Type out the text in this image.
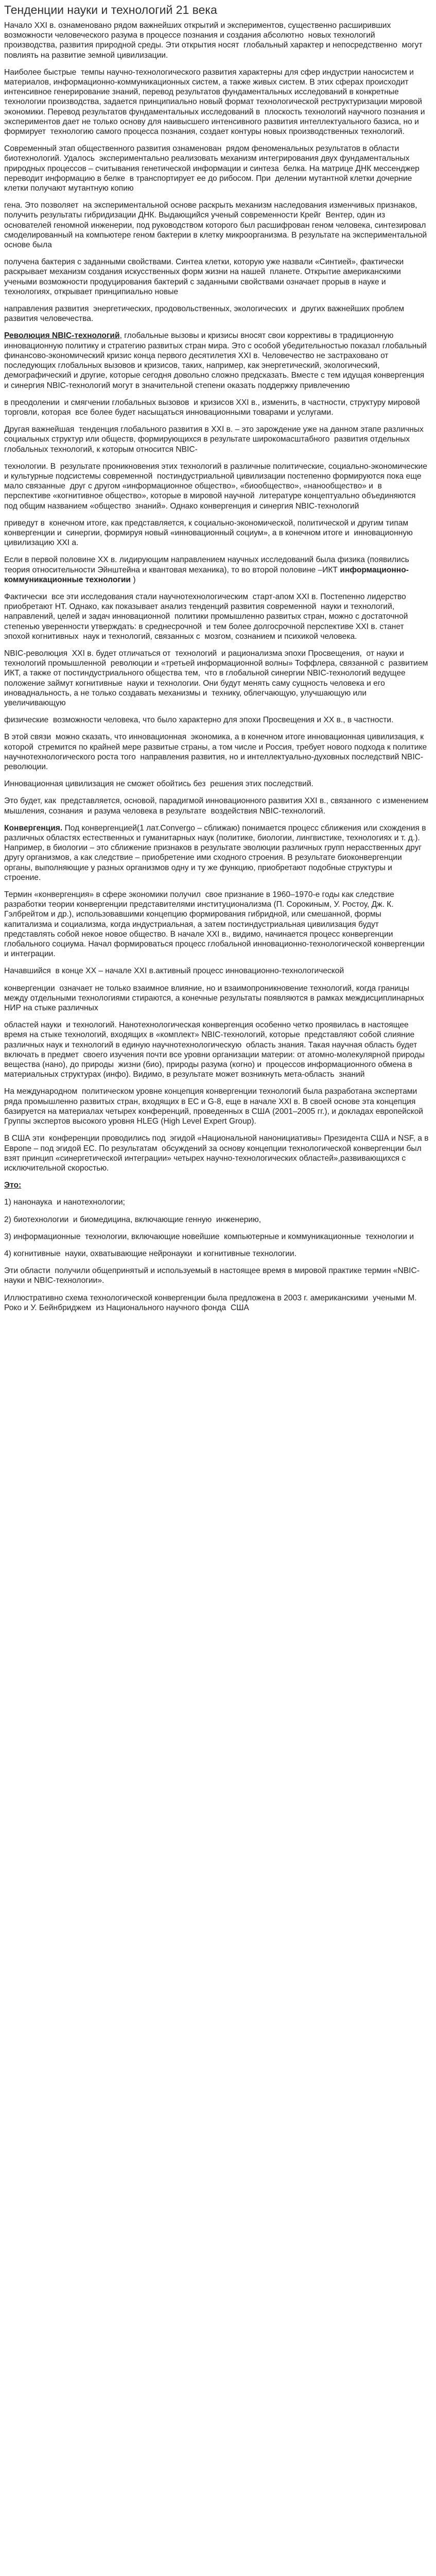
Тенденции науки и технологий 21 века
Начало XXI в. ознаменовано рядом важнейших открытий и экспериментов, существенно расширивших  возможности человеческого разума в процессе познания и создания абсолютно  новых технологий производства, развития природной среды. Эти открытия носят  глобальный характер и непосредственно  могут повлиять на развитие земной цивилизации.
Наиболее быстрые  темпы научно-технологического развития характерны для сфер индустрии наносистем и материалов, информационно-коммуникационных систем, а также живых систем. В этих сферах происходит интенсивное генерирование знаний, перевод результатов фундаментальных исследований в конкретные технологии производства, задается принципиально новый формат технологической реструктуризации мировой экономики. Перевод результатов фундаментальных исследований в  плоскость технологий научного познания и экспериментов дает не только основу для наивысшего интенсивного развития интеллектуального базиса, но и формирует  технологию самого процесса познания, создает контуры новых производственных технологий.
Современный этап общественного развития ознаменован  рядом феноменальных результатов в области биотехнологий. Удалось  экспериментально реализовать механизм интегрирования двух фундаментальных природных процессов – считывания генетической информации и синтеза  белка. На матрице ДНК мессенджер переводит информацию в белке  в транспортирует ее до рибосом. При  делении мутантной клетки дочерние клетки получают мутантную копию
гена. Это позволяет  на экспериментальной основе раскрыть механизм наследования изменчивых признаков, получить результаты гибридизации ДНК. Выдающийся ученый современности Крейг  Вентер, один из основателей геномной инженерии, под руководством которого был расшифрован геном человека, синтезировал смоделированный на компьютере геном бактерии в клетку микроорганизма. В результате на экспериментальной  основе была
получена бактерия с заданными свойствами. Синтеа клетки, которую уже назвали «Синтией», фактически раскрывает механизм создания искусственных форм жизни на нашей  планете. Открытие американскими учеными возможности продуцирования бактерий с заданными свойствами означает прорыв в науке и технологиях, открывает принципиально новые
направления развития  энергетических, продовольственных, экологических  и  других важнейших проблем развития человечества.
Революция NBIC-технологий, глобальные вызовы и кризисы вносят свои коррективы в традиционную инновационную политику и стратегию развитых стран мира. Это с особой убедительностью показал глобальный финансово-экономический кризис конца первого десятилетия XXI в. Человечество не застраховано от последующих глобальных вызовов и кризисов, таких, например, как энергетический, экологический, демографический и другие, которые сегодня довольно сложно предсказать. Вместе с тем идущая конвергенция и синергия NBIC-технологий могут в значительной степени оказать поддержку привлечению
в преодолении  и смягчении глобальных вызовов  и кризисов XXI в., изменить, в частности, структуру мировой торговли, которая  все более будет насыщаться инновационными товарами и услугами.
Другая важнейшая  тенденция глобального развития в XXI в. – это зарождение уже на данном этапе различных социальных структур или обществ, формирующихся в результате широкомасштабного  развития отдельных глобальных технологий, к которым относится NBIC-
технологии. В  результате проникновения этих технологий в различные политические, социально-экономические и культурные подсистемы современной  постиндустриальной цивилизации постепенно формируются пока еще мало связанные  друг с другом «информационное общество», «биообщество», «нанообщество» и  в  перспективе «когнитивное общество», которые в мировой научной  литературе концептуально объединяются под общим названием «общество  знаний». Однако конвергенция и синергия NBIC-технологий
приведут в  конечном итоге, как представляется, к социально-экономической, политической и другим типам конвергенции и  синергии, формируя новый «инновационный социум», а в конечном итоге и  инновационную цивилизацию XXI а.
Если в первой половине XX в. лидирующим направлением научных исследований была физика (появились  теория относительности Эйнштейна и квантовая механика), то во второй половине –ИКТ информационно-коммуникационные технологии )
Фактически  все эти исследования стали научнотехнологическим  старт-апом XXI в. Постепенно лидерство  приобретают НТ. Однако, как показывает анализ тенденций развития современной  науки и технологий, направлений, целей и задач инновационной  политики промышленно развитых стран, можно с достаточной степенью уверенности утверждать: в среднесрочной  и тем более долгосрочной перспективе XXI в. станет эпохой когнитивных  наук и технологий, связанных с  мозгом, сознанием и психикой человека.
NBIC-революция  XXI в. будет отличаться от  технологий  и рационализма эпохи Просвещения,  от науки и технологий промышленной  революции и «третьей информационной волны» Тоффлера, связанной с  развитием ИКТ, а также от постиндустриального общества тем,  что в глобальной синергии NBIC-технологий ведущее положение займут когнитивные  науки и технологии. Они будут менять саму сущность человека и его иноваднальность, а не только создавать механизмы и  технику, облегчающую, улучшающую или увеличивающую
физические  возможности человека, что было характерно для эпохи Просвещения и XX в., в частности.
В этой связи  можно сказать, что инновационная  экономика, а в конечном итоге инновационная цивилизация, к которой  стремится по крайней мере развитые страны, а том числе и Россия, требует нового подхода к политике научнотехнологического роста того  направления развития, но и интеллектуально-духовных последствий NBIC-революции.
Инновационная цивилизация не сможет обойтись без  решения этих последствий.
Это будет, как  представляется, основой, парадигмой инновационного развития XXI в., связанного  с изменением мышления, сознания  и разума человека в результате  воздействия NBIC-технологий.
Конвергенция. Под конвергенцией(1 лат.Convergo – сближаю) понимается процесс сближения или схождения в различных областях естественных и гуманитарных наук (политике, биологии, лингвистике, технологиях и т. д.). Например, в биологии – это сближение признаков в результате эволюции различных групп нерасственных друг другу организмов, а как следствие – приобретение ими сходного строения. В результате биоконвергенции органы, выполняющие у разных организмов одну и ту же функцию, приобретают подобные структуры и строение.
Термин «конвергенция» в сфере экономики получил  свое признание в 1960–1970-е годы как следствие разработки теории конвергенции представителями институционализма (П. Сорокиным, У. Ростоу, Дж. К. Гэлбрейтом и др.), использовавшими концепцию формирования гибридной, или смешанной, формы капитализма и социализма, когда индустриальная, а затем постиндустриальная цивилизация будут представлять собой некое новое общество. В начале XXI в., видимо, начинается процесс конвергенции глобального социума. Начал формироваться процесс глобальной инновационно-технологической конвергенции и интеграции.
Начавшийся  в конце XX – начале XXI в.активный процесс инновационно-технологической
конвергенции  означает не только взаимное влияние, но и взаимопроникновение технологий, когда границы между отдельными технологиями стираются, а конечные результаты появляются в рамках междисциплинарных  НИР на стыке различных
областей науки  и технологий. Нанотехнологическая конвергенция особенно четко проявилась в настоящее  время на стыке технологий, входящих в «комплект» NBIC-технологий, которые  представляют собой слияние различных наук и технологий в единую научнотехнологическую  область знания. Такая научная область будет включать в предмет  своего изучения почти все уровни организации материи: от атомно-молекулярной природы вещества (нано), до природы  жизни (био), природы разума (когно) и  процессов информационного обмена в материальных структурах (инфо). Видимо, в результате может возникнуть мета-область  знаний
На международном  политическом уровне концепция конвергенции технологий была разработана экспертами ряда промышленно развитых стран, входящих в ЕС и G-8, еще в начале XXI в. В своей основе эта концепция базируется на материалах четырех конференций, проведенных в США (2001–2005 гг.), и докладах европейской Группы экспертов высокого уровня HLEG (High Level Expert Group).
В США эти  конференции проводились под  эгидой «Национальной нанонициативы» Президента США и NSF, а в Европе – под эгидой ЕС. По результатам  обсуждений за основу концепции технологической конвергенции был взят принцип «синергетической интеграции» четырех научно-технологических областей»,развивающихся с исключительной скоростью.
Это:
1) нанонаука  и нанотехнологии;
2) биотехнологии  и биомедицина, включающие генную  инженерию,
3) информационные  технологии, включающие новейшие  компьютерные и коммуникационные  технологии и
4) когнитивные  науки, охватывающие нейронауки  и когнитивные технологии.
Эти области  получили общепринятый и используемый в настоящее время в мировой практике термин «NBIC-науки и NBIC-технологии».
Иллюстративно схема технологической конвергенции была предложена в 2003 г. американскими  учеными М. Роко и У. Бейнбриджем  из Национального научного фонда  США
